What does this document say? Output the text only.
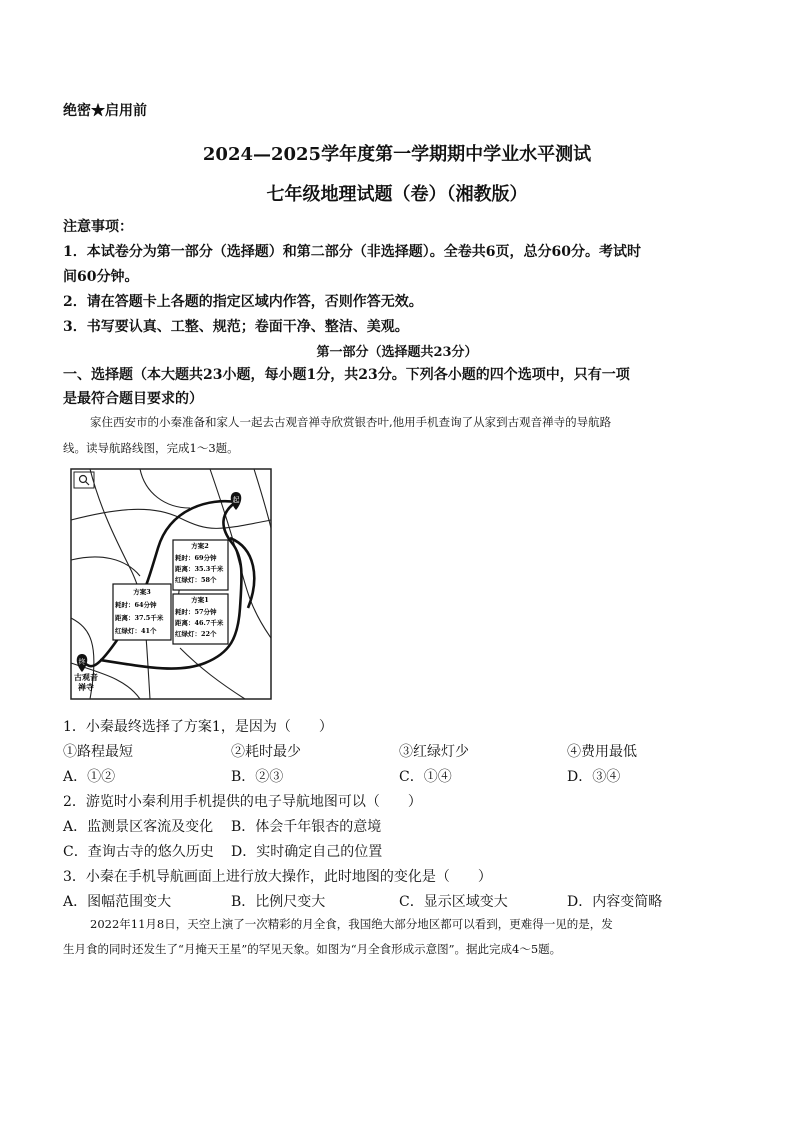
绝密★启用前
2024—2025学年度第一学期期中学业水平测试
七年级地理试题（卷）（湘教版）
注意事项：
1．本试卷分为第一部分（选择题）和第二部分（非选择题）。全卷共6页，总分60分。考试时
间60分钟。
2．请在答题卡上各题的指定区域内作答，否则作答无效。
3．书写要认真、工整、规范；卷面干净、整洁、美观。
第一部分（选择题共23分）
一、选择题（本大题共23小题，每小题1分，共23分。下列各小题的四个选项中，只有一项
是最符合题目要求的）
家住西安市的小秦准备和家人一起去古观音禅寺欣赏银杏叶,他用手机查询了从家到古观音禅寺的导航路
线。读导航路线图，完成1～3题。
起
终
古观音
禅寺
方案2
耗时：69分钟
距离：35.3千米
红绿灯：58个
方案3
耗时：64分钟
距离：37.5千米
红绿灯：41个
方案1
耗时：57分钟
距离：46.7千米
红绿灯：22个
1．小秦最终选择了方案1，是因为（　　）
①路程最短	②耗时最少	③红绿灯少	④费用最低
A．①②	B．②③	C．①④	D．③④
2．游览时小秦利用手机提供的电子导航地图可以（　　）
A．监测景区客流及变化 B．体会千年银杏的意境
C．查询古寺的悠久历史 D．实时确定自己的位置
3．小秦在手机导航画面上进行放大操作，此时地图的变化是（　　）
A．图幅范围变大	B．比例尺变大	C．显示区域变大	D．内容变简略
2022年11月8日，天空上演了一次精彩的月全食，我国绝大部分地区都可以看到，更难得一见的是，发
生月食的同时还发生了“月掩天王星”的罕见天象。如图为“月全食形成示意图”。据此完成4～5题。
